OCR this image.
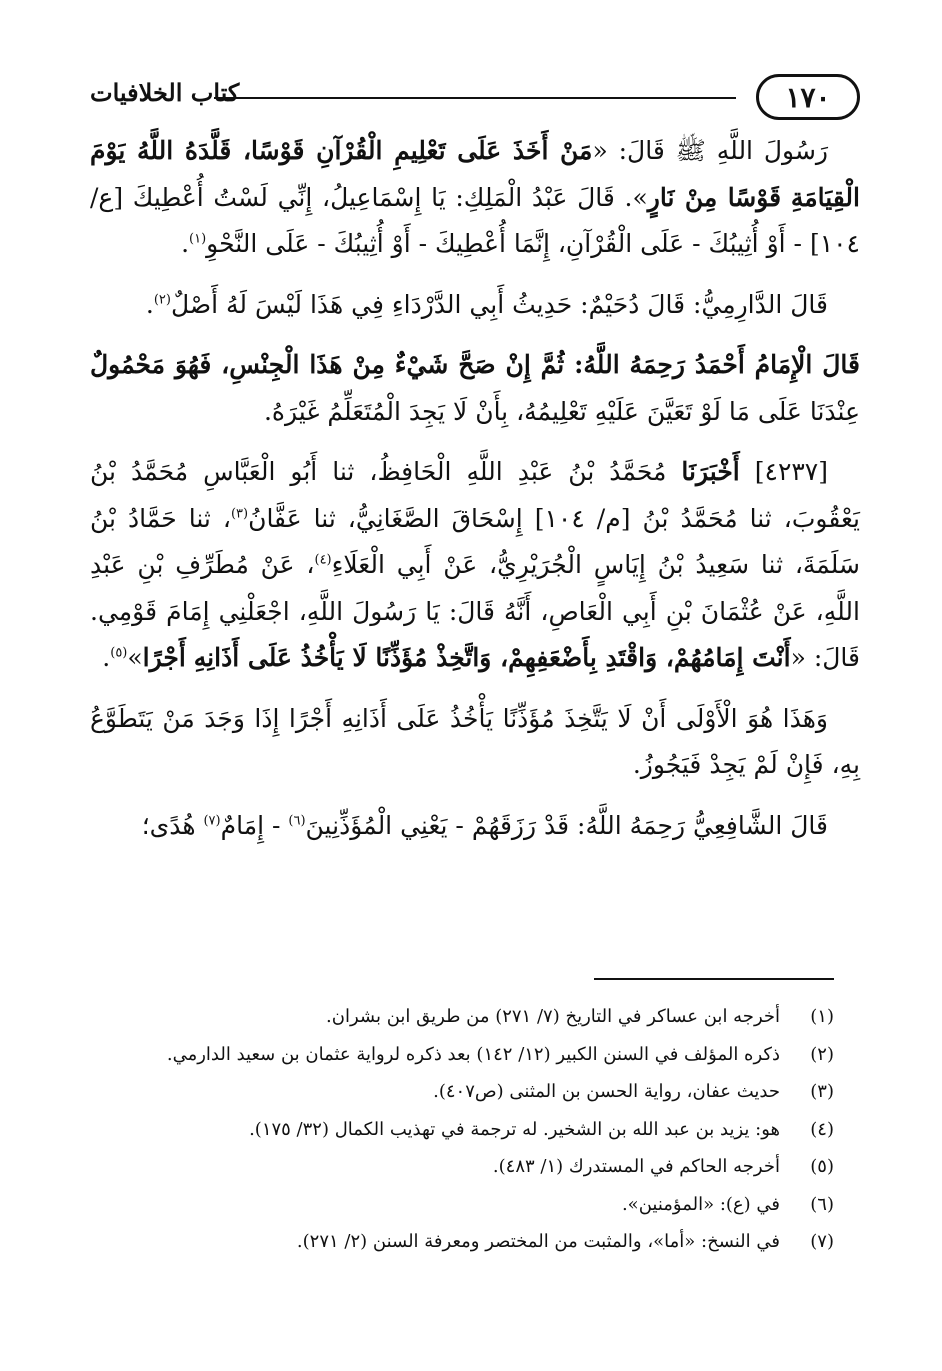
١٧٠
كتاب الخلافيات

رَسُولَ اللَّهِ ﷺ قَالَ: «مَنْ أَخَذَ عَلَى تَعْلِيمِ الْقُرْآنِ قَوْسًا، قَلَّدَهُ اللَّهُ يَوْمَ الْقِيَامَةِ قَوْسًا مِنْ نَارٍ». قَالَ عَبْدُ الْمَلِكِ: يَا إِسْمَاعِيلُ، إِنِّي لَسْتُ أُعْطِيكَ [ع/ ١٠٤] - أَوْ أُثِيبُكَ - عَلَى الْقُرْآنِ، إِنَّمَا أُعْطِيكَ - أَوْ أُثِيبُكَ - عَلَى النَّحْوِ$^{(١)}$.

قَالَ الدَّارِمِيُّ: قَالَ دُحَيْمٌ: حَدِيثُ أَبِي الدَّرْدَاءِ فِي هَذَا لَيْسَ لَهُ أَصْلٌ$^{(٢)}$.

قَالَ الْإِمَامُ أَحْمَدُ رَحِمَهُ اللَّهُ: ثُمَّ إِنْ صَحَّ شَيْءٌ مِنْ هَذَا الْجِنْسِ، فَهُوَ مَحْمُولٌ عِنْدَنَا عَلَى مَا لَوْ تَعَيَّنَ عَلَيْهِ تَعْلِيمُهُ، بِأَنْ لَا يَجِدَ الْمُتَعَلِّمُ غَيْرَهُ.

[٤٢٣٧] أَخْبَرَنَا مُحَمَّدُ بْنُ عَبْدِ اللَّهِ الْحَافِظُ، ثنا أَبُو الْعَبَّاسِ مُحَمَّدُ بْنُ يَعْقُوبَ، ثنا مُحَمَّدُ بْنُ [م/ ١٠٤] إِسْحَاقَ الصَّغَانِيُّ، ثنا عَفَّانُ$^{(٣)}$، ثنا حَمَّادُ بْنُ سَلَمَةَ، ثنا سَعِيدُ بْنُ إِيَاسٍ الْجُرَيْرِيُّ، عَنْ أَبِي الْعَلَاءِ$^{(٤)}$، عَنْ مُطَرِّفِ بْنِ عَبْدِ اللَّهِ، عَنْ عُثْمَانَ بْنِ أَبِي الْعَاصِ، أَنَّهُ قَالَ: يَا رَسُولَ اللَّهِ، اجْعَلْنِي إِمَامَ قَوْمِي. قَالَ: «أَنْتَ إِمَامُهُمْ، وَاقْتَدِ بِأَضْعَفِهِمْ، وَاتَّخِذْ مُؤَذِّنًا لَا يَأْخُذُ عَلَى أَذَانِهِ أَجْرًا»$^{(٥)}$.

وَهَذَا هُوَ الْأَوْلَى أَنْ لَا يَتَّخِذَ مُؤَذِّنًا يَأْخُذُ عَلَى أَذَانِهِ أَجْرًا إِذَا وَجَدَ مَنْ يَتَطَوَّعُ بِهِ، فَإِنْ لَمْ يَجِدْ فَيَجُوزُ.

قَالَ الشَّافِعِيُّ رَحِمَهُ اللَّهُ: قَدْ رَزَقَهُمْ - يَعْنِي الْمُؤَذِّنِينَ$^{(٦)}$ - إِمَامٌ$^{(٧)}$ هُدًى؛

(١)
أخرجه ابن عساكر في التاريخ (٧/ ٢٧١) من طريق ابن بشران.
(٢)
ذكره المؤلف في السنن الكبير (١٢/ ١٤٢) بعد ذكره لرواية عثمان بن سعيد الدارمي.
(٣)
حديث عفان، رواية الحسن بن المثنى (ص٤٠٧).
(٤)
هو: يزيد بن عبد الله بن الشخير. له ترجمة في تهذيب الكمال (٣٢/ ١٧٥).
(٥)
أخرجه الحاكم في المستدرك (١/ ٤٨٣).
(٦)
في (ع): «المؤمنين».
(٧)
في النسخ: «أما»، والمثبت من المختصر ومعرفة السنن (٢/ ٢٧١).
